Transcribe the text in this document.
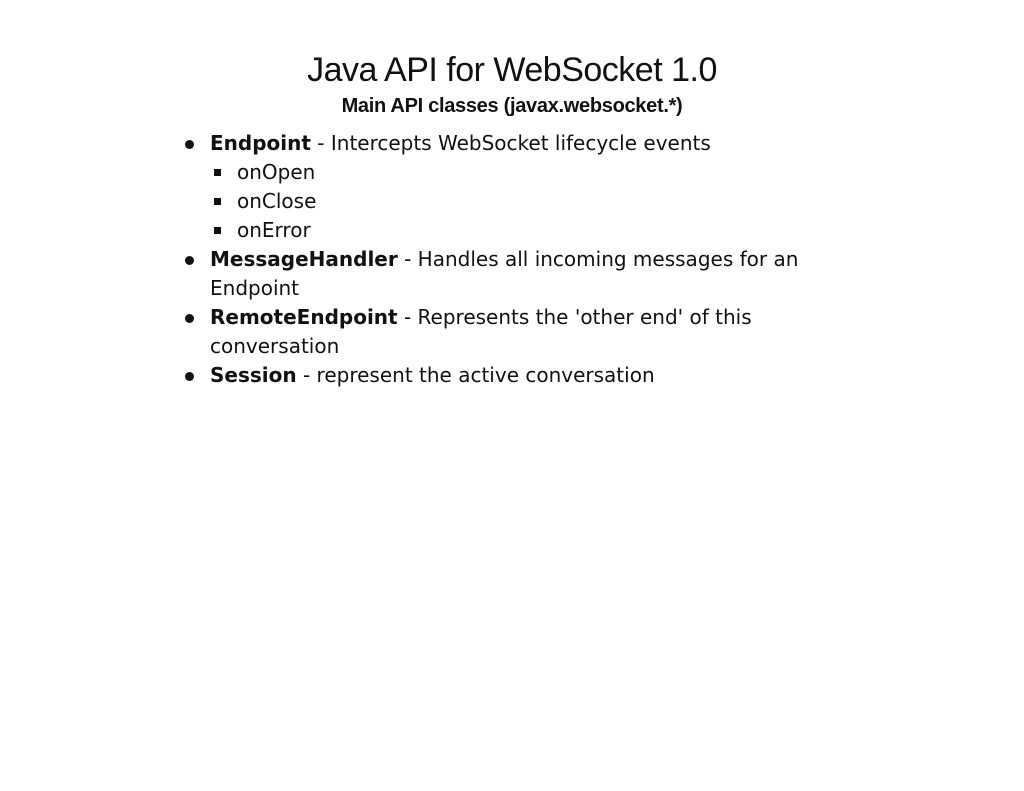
Java API for WebSocket 1.0
Main API classes (javax.websocket.*)
Endpoint - Intercepts WebSocket lifecycle events
onOpen
onClose
onError
MessageHandler - Handles all incoming messages for an Endpoint
RemoteEndpoint - Represents the 'other end' of this conversation
Session - represent the active conversation
